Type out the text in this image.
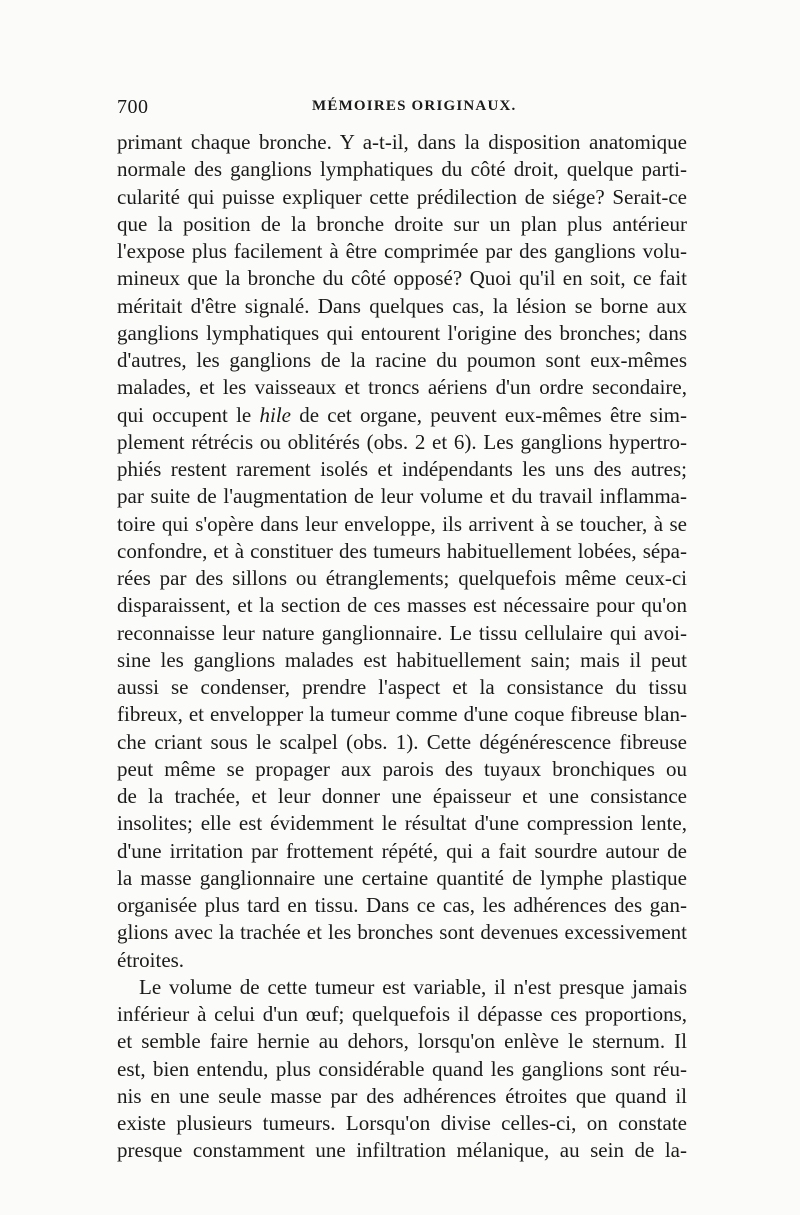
700	MÉMOIRES ORIGINAUX.
primant chaque bronche. Y a-t-il, dans la disposition anatomique
normale des ganglions lymphatiques du côté droit, quelque parti-
cularité qui puisse expliquer cette prédilection de siége? Serait-ce
que la position de la bronche droite sur un plan plus antérieur
l'expose plus facilement à être comprimée par des ganglions volu-
mineux que la bronche du côté opposé? Quoi qu'il en soit, ce fait
méritait d'être signalé. Dans quelques cas, la lésion se borne aux
ganglions lymphatiques qui entourent l'origine des bronches; dans
d'autres, les ganglions de la racine du poumon sont eux-mêmes
malades, et les vaisseaux et troncs aériens d'un ordre secondaire,
qui occupent le hile de cet organe, peuvent eux-mêmes être sim-
plement rétrécis ou oblitérés (obs. 2 et 6). Les ganglions hypertro-
phiés restent rarement isolés et indépendants les uns des autres;
par suite de l'augmentation de leur volume et du travail inflamma-
toire qui s'opère dans leur enveloppe, ils arrivent à se toucher, à se
confondre, et à constituer des tumeurs habituellement lobées, sépa-
rées par des sillons ou étranglements; quelquefois même ceux-ci
disparaissent, et la section de ces masses est nécessaire pour qu'on
reconnaisse leur nature ganglionnaire. Le tissu cellulaire qui avoi-
sine les ganglions malades est habituellement sain; mais il peut
aussi se condenser, prendre l'aspect et la consistance du tissu
fibreux, et envelopper la tumeur comme d'une coque fibreuse blan-
che criant sous le scalpel (obs. 1). Cette dégénérescence fibreuse
peut même se propager aux parois des tuyaux bronchiques ou
de la trachée, et leur donner une épaisseur et une consistance
insolites; elle est évidemment le résultat d'une compression lente,
d'une irritation par frottement répété, qui a fait sourdre autour de
la masse ganglionnaire une certaine quantité de lymphe plastique
organisée plus tard en tissu. Dans ce cas, les adhérences des gan-
glions avec la trachée et les bronches sont devenues excessivement
étroites.
Le volume de cette tumeur est variable, il n'est presque jamais
inférieur à celui d'un œuf; quelquefois il dépasse ces proportions,
et semble faire hernie au dehors, lorsqu'on enlève le sternum. Il
est, bien entendu, plus considérable quand les ganglions sont réu-
nis en une seule masse par des adhérences étroites que quand il
existe plusieurs tumeurs. Lorsqu'on divise celles-ci, on constate
presque constamment une infiltration mélanique, au sein de la-
